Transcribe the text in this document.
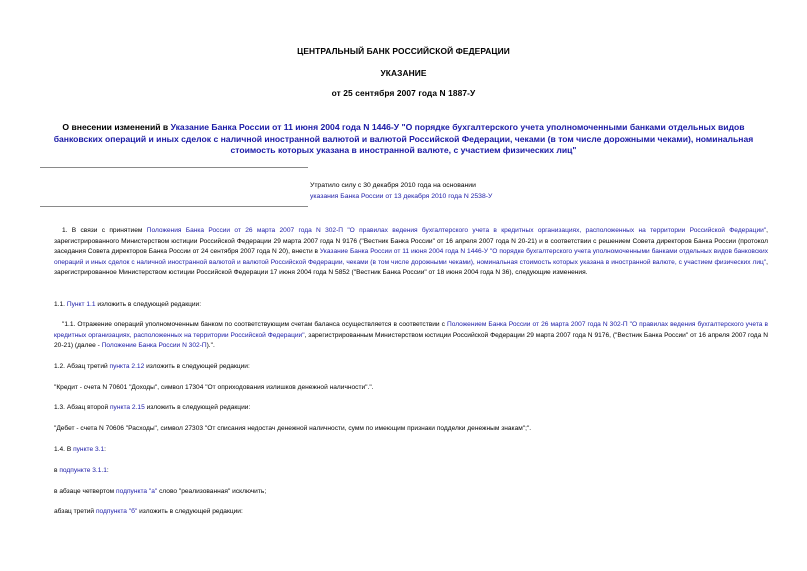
ЦЕНТРАЛЬНЫЙ БАНК РОССИЙСКОЙ ФЕДЕРАЦИИ
УКАЗАНИЕ
от 25 сентября 2007 года N 1887-У
О внесении изменений в Указание Банка России от 11 июня 2004 года N 1446-У "О порядке бухгалтерского учета уполномоченными банками отдельных видов банковских операций и иных сделок с наличной иностранной валютой и валютой Российской Федерации, чеками (в том числе дорожными чеками), номинальная стоимость которых указана в иностранной валюте, с участием физических лиц"
Утратило силу с 30 декабря 2010 года на основании
указания Банка России от 13 декабря 2010 года N 2538-У
1. В связи с принятием Положения Банка России от 26 марта 2007 года N 302-П "О правилах ведения бухгалтерского учета в кредитных организациях, расположенных на территории Российской Федерации", зарегистрированного Министерством юстиции Российской Федерации 29 марта 2007 года N 9176 ("Вестник Банка России" от 16 апреля 2007 года N 20-21) и в соответствии с решением Совета директоров Банка России (протокол заседания Совета директоров Банка России от 24 сентября 2007 года N 20), внести в Указание Банка России от 11 июня 2004 года N 1446-У "О порядке бухгалтерского учета уполномоченными банками отдельных видов банковских операций и иных сделок с наличной иностранной валютой и валютой Российской Федерации, чеками (в том числе дорожными чеками), номинальная стоимость которых указана в иностранной валюте, с участием физических лиц", зарегистрированное Министерством юстиции Российской Федерации 17 июня 2004 года N 5852 ("Вестник Банка России" от 18 июня 2004 года N 36), следующие изменения.
1.1. Пункт 1.1 изложить в следующей редакции:
"1.1. Отражение операций уполномоченным банком по соответствующим счетам баланса осуществляется в соответствии с Положением Банка России от 26 марта 2007 года N 302-П "О правилах ведения бухгалтерского учета в кредитных организациях, расположенных на территории Российской Федерации", зарегистрированным Министерством юстиции Российской Федерации 29 марта 2007 года N 9176, ("Вестник Банка России" от 16 апреля 2007 года N 20-21) (далее - Положение Банка России N 302-П).".
1.2. Абзац третий пункта 2.12 изложить в следующей редакции:
"Кредит - счета N 70601 "Доходы", символ 17304 "От оприходования излишков денежной наличности".".
1.3. Абзац второй пункта 2.15 изложить в следующей редакции:
"Дебет - счета N 70606 "Расходы", символ 27303 "От списания недостач денежной наличности, сумм по имеющим признаки подделки денежным знакам";".
1.4. В пункте 3.1:
в подпункте 3.1.1:
в абзаце четвертом подпункта "а" слово "реализованная" исключить;
абзац третий подпункта "б" изложить в следующей редакции:
